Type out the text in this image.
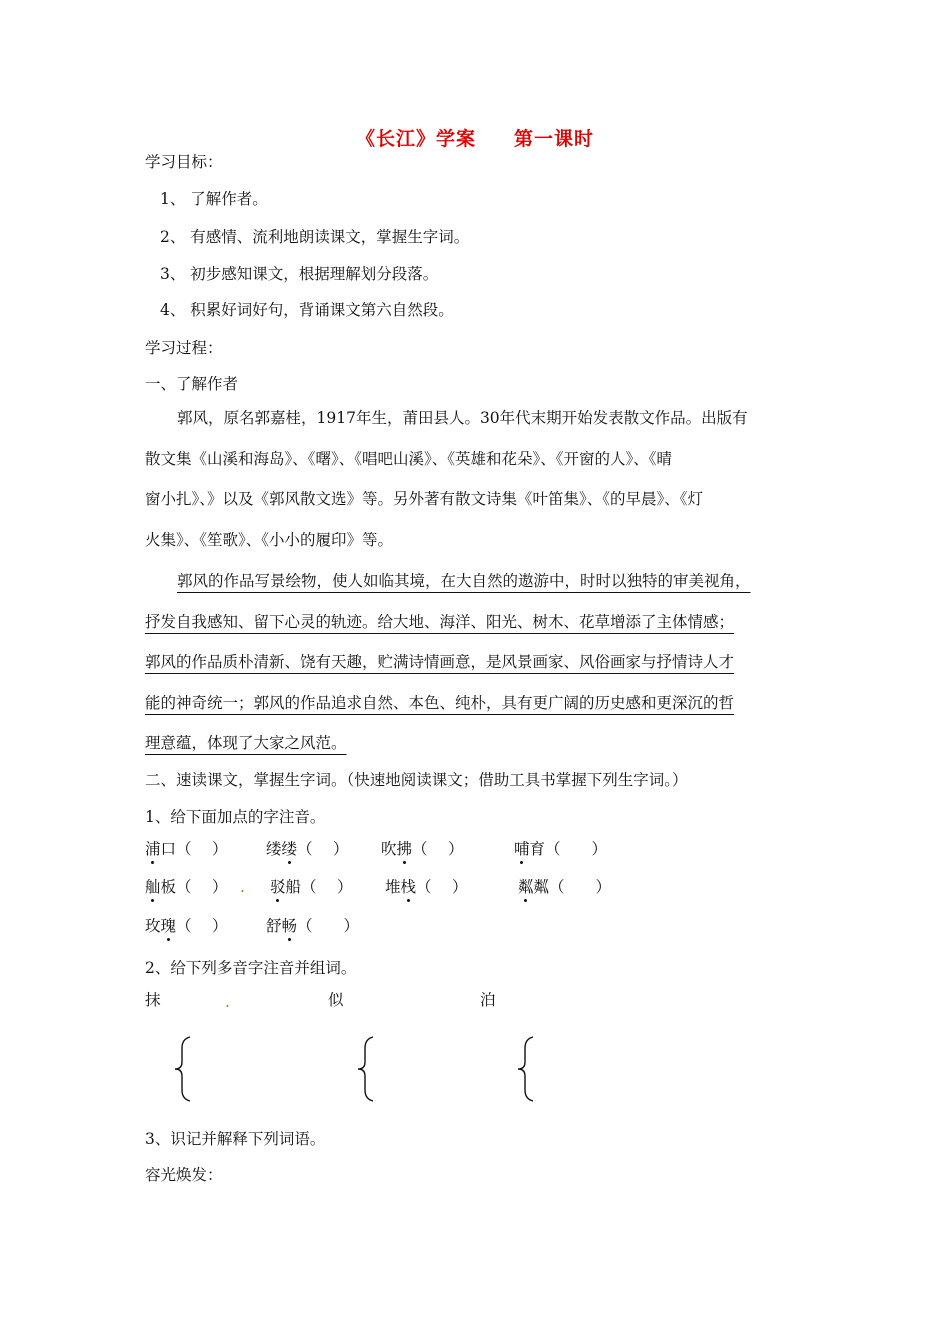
《长江》学案 第一课时
学习目标：
1、 了解作者。
2、 有感情、流利地朗读课文，掌握生字词。
3、 初步感知课文，根据理解划分段落。
4、 积累好词好句，背诵课文第六自然段。
学习过程：
一、了解作者
郭风，原名郭嘉桂，1917年生，莆田县人。30年代末期开始发表散文作品。出版有
散文集《山溪和海岛》、《曙》、《唱吧山溪》、《英雄和花朵》、《开窗的人》、《晴
窗小扎》、》以及《郭风散文选》等。另外著有散文诗集《叶笛集》、《的早晨》、《灯
火集》、《笙歌》、《小小的履印》等。
郭风的作品写景绘物，使人如临其境，在大自然的遨游中，时时以独特的审美视角，
抒发自我感知、留下心灵的轨迹。给大地、海洋、阳光、树木、花草增添了主体情感；
郭风的作品质朴清新、饶有天趣，贮满诗情画意，是风景画家、风俗画家与抒情诗人才
能的神奇统一；郭风的作品追求自然、本色、纯朴，具有更广阔的历史感和更深沉的哲
理意蕴，体现了大家之风范。
二、速读课文，掌握生字词。（快速地阅读课文；借助工具书掌握下列生字词。）
1、给下面加点的字注音。
浦口（　 ） 缕缕（　 ） 吹拂（　 ）	哺育（　　）
舢板（　 ） . 驳船（　 ） 堆栈（　 ）	粼粼（　　）
玫瑰（　 ） 舒畅（　　）
2、给下列多音字注音并组词。
抹	.	似	泊
3、识记并解释下列词语。
容光焕发：
